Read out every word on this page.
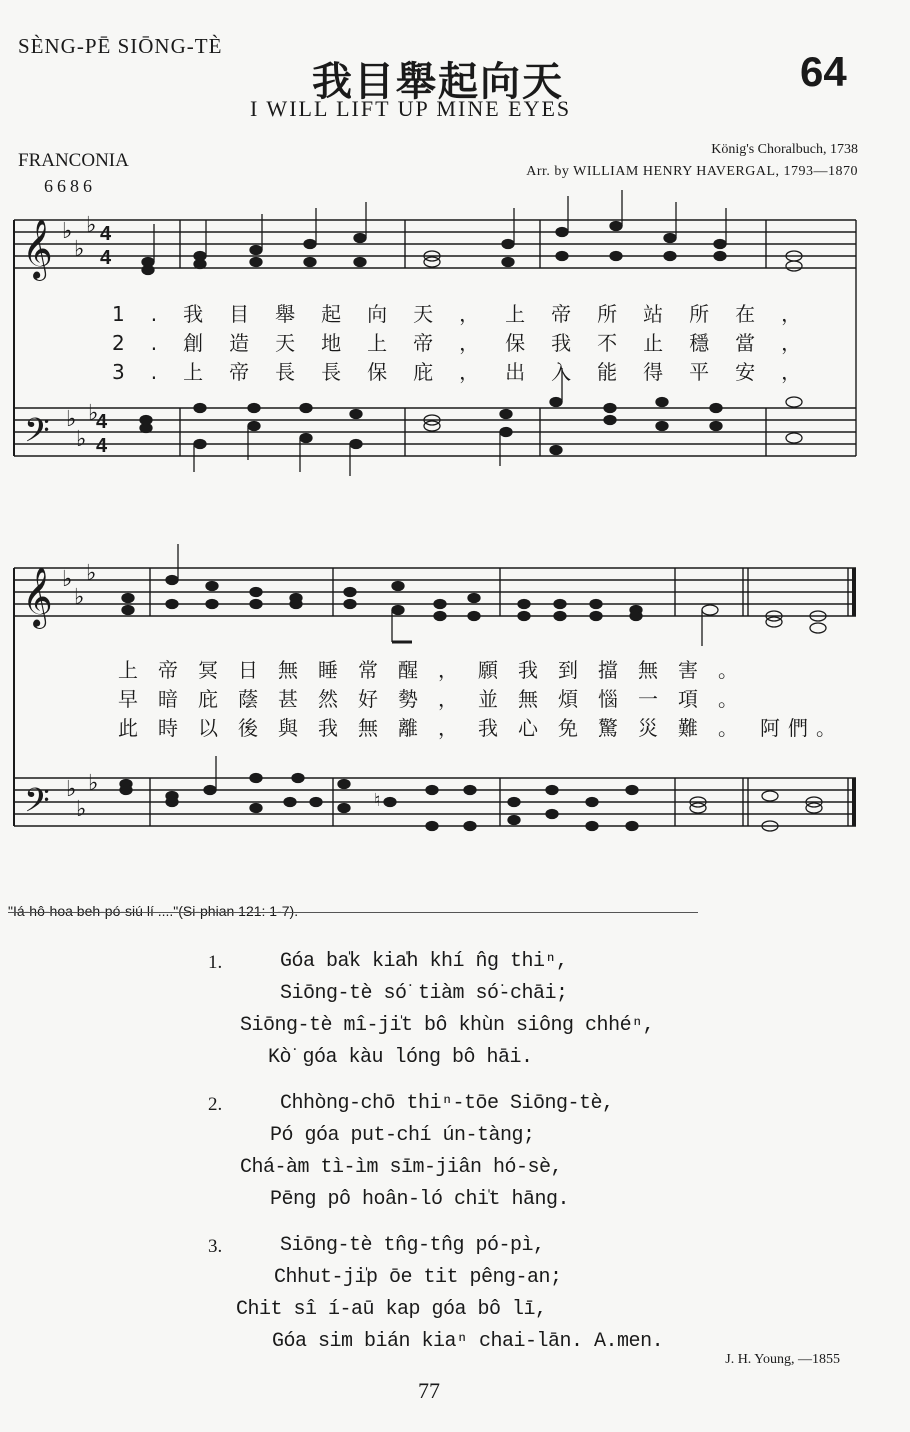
SÈNG-PĒ SIŌNG-TÈ
我目舉起向天	64
I WILL LIFT UP MINE EYES
FRANCONIA
6686
König's Choralbuch, 1738
Arr. by WILLIAM HENRY HAVERGAL, 1793—1870
𝄞
𝄢
𝄞
𝄢
♭
♭
♭
♭
♭
♭
♭
♭
♭
♭
♭
♭
4
4
4
4
♮
1.我目舉起向天，上帝所站所在，
2.創造天地上帝，保我不止穩當，
3.上帝長長保庇，出入能得平安，
上帝冥日無睡常醒，願我到擋無害。
早暗庇蔭甚然好勢，並無煩惱一項。
此時以後與我無離，我心免驚災難。 阿們。
"Iá-hô-hoa beh-pó-siú lí ...."(Si-phian 121: 1-7).
1.	Góa ba̍k kia̍h khí n̂g thiⁿ,
Siōng-tè só͘ tiàm só͘-chāi;
Siōng-tè mî-ji̍t bô khùn siông chhéⁿ,
Kò͘ góa kàu lóng bô hāi.
2.	Chhòng-chō thiⁿ-tōe Siōng-tè,
Pó góa put-chí ún-tàng;
Chá-àm tì-ìm sīm-jiân hó-sè,
Pēng pô hoân-ló chi̍t hāng.
3.	Siōng-tè tn̂g-tn̂g pó-pì,
Chhut-ji̍p ōe tit pêng-an;
Chit sî í-aū kap góa bô lī,
Góa sim bián kiaⁿ chai-lān. A.men.
J. H. Young, —1855
77
